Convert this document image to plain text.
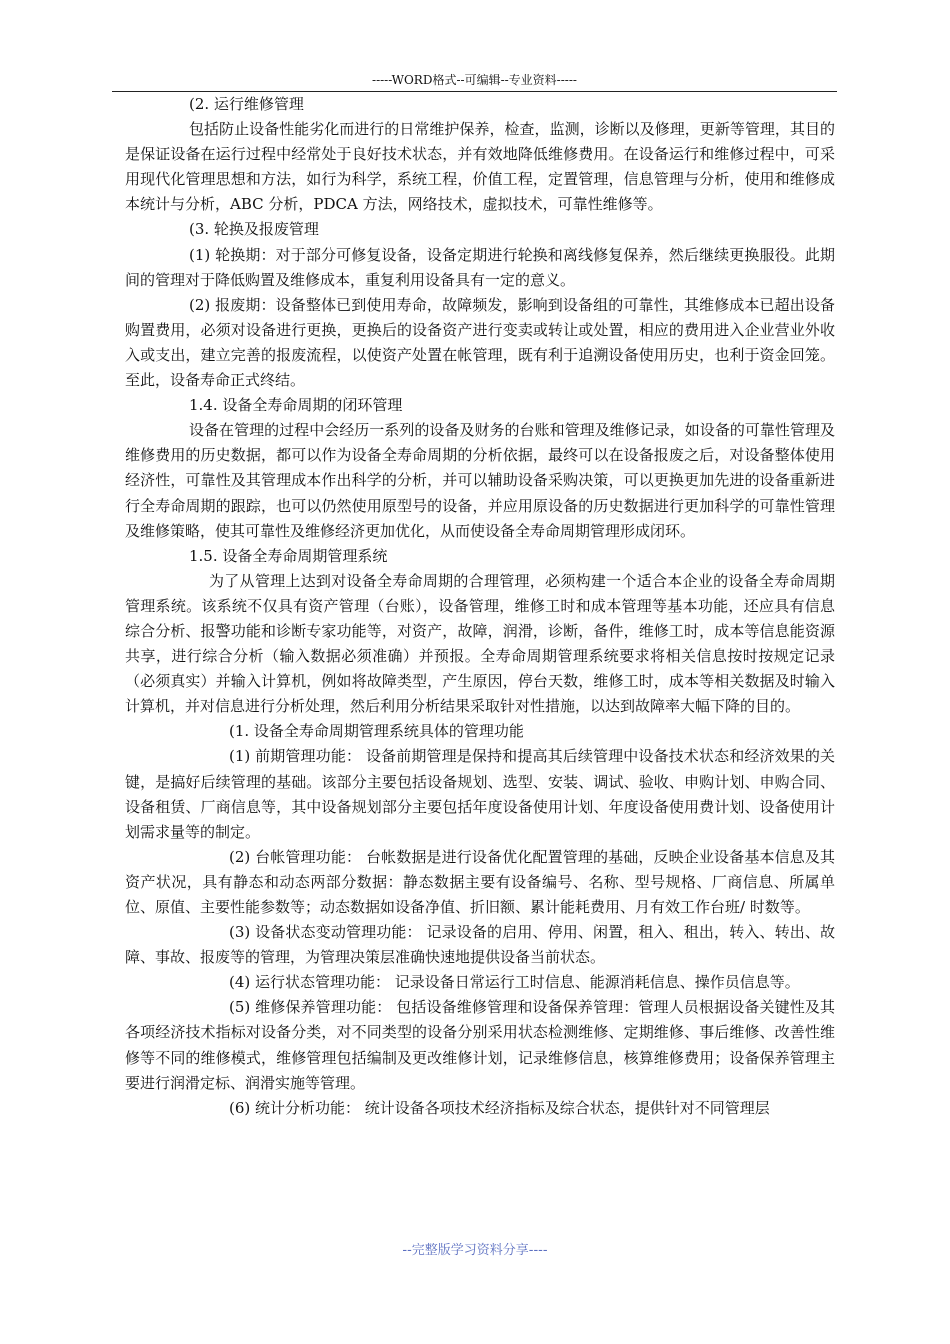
-----WORD格式--可编辑--专业资料-----

(2. 运行维修管理

包括防止设备性能劣化而进行的日常维护保养，检查，监测，诊断以及修理，更新等管理，其目的是保证设备在运行过程中经常处于良好技术状态，并有效地降低维修费用。在设备运行和维修过程中，可采用现代化管理思想和方法，如行为科学，系统工程，价值工程，定置管理，信息管理与分析，使用和维修成本统计与分析，ABC 分析，PDCA 方法，网络技术，虚拟技术，可靠性维修等。

(3. 轮换及报废管理

(1) 轮换期：对于部分可修复设备，设备定期进行轮换和离线修复保养，然后继续更换服役。此期间的管理对于降低购置及维修成本，重复利用设备具有一定的意义。

(2) 报废期：设备整体已到使用寿命，故障频发，影响到设备组的可靠性，其维修成本已超出设备购置费用，必须对设备进行更换，更换后的设备资产进行变卖或转让或处置，相应的费用进入企业营业外收入或支出，建立完善的报废流程，以使资产处置在帐管理，既有利于追溯设备使用历史，也利于资金回笼。至此，设备寿命正式终结。

1.4. 设备全寿命周期的闭环管理

设备在管理的过程中会经历一系列的设备及财务的台账和管理及维修记录，如设备的可靠性管理及维修费用的历史数据，都可以作为设备全寿命周期的分析依据，最终可以在设备报废之后，对设备整体使用经济性，可靠性及其管理成本作出科学的分析，并可以辅助设备采购决策，可以更换更加先进的设备重新进行全寿命周期的跟踪，也可以仍然使用原型号的设备，并应用原设备的历史数据进行更加科学的可靠性管理及维修策略，使其可靠性及维修经济更加优化，从而使设备全寿命周期管理形成闭环。

1.5. 设备全寿命周期管理系统

为了从管理上达到对设备全寿命周期的合理管理，必须构建一个适合本企业的设备全寿命周期管理系统。该系统不仅具有资产管理（台账），设备管理，维修工时和成本管理等基本功能，还应具有信息综合分析、报警功能和诊断专家功能等，对资产，故障，润滑，诊断，备件，维修工时，成本等信息能资源共享，进行综合分析（输入数据必须准确）并预报。全寿命周期管理系统要求将相关信息按时按规定记录（必须真实）并输入计算机，例如将故障类型，产生原因，停台天数，维修工时，成本等相关数据及时输入计算机，并对信息进行分析处理，然后利用分析结果采取针对性措施，以达到故障率大幅下降的目的。

(1. 设备全寿命周期管理系统具体的管理功能

(1) 前期管理功能： 设备前期管理是保持和提高其后续管理中设备技术状态和经济效果的关键，是搞好后续管理的基础。该部分主要包括设备规划、选型、安装、调试、验收、申购计划、申购合同、设备租赁、厂商信息等，其中设备规划部分主要包括年度设备使用计划、年度设备使用费计划、设备使用计划需求量等的制定。

(2) 台帐管理功能： 台帐数据是进行设备优化配置管理的基础，反映企业设备基本信息及其资产状况，具有静态和动态两部分数据：静态数据主要有设备编号、名称、型号规格、厂商信息、所属单位、原值、主要性能参数等；动态数据如设备净值、折旧额、累计能耗费用、月有效工作台班/ 时数等。

(3) 设备状态变动管理功能： 记录设备的启用、停用、闲置，租入、租出，转入、转出、故障、事故、报废等的管理，为管理决策层准确快速地提供设备当前状态。

(4) 运行状态管理功能： 记录设备日常运行工时信息、能源消耗信息、操作员信息等。

(5) 维修保养管理功能： 包括设备维修管理和设备保养管理：管理人员根据设备关键性及其各项经济技术指标对设备分类，对不同类型的设备分别采用状态检测维修、定期维修、事后维修、改善性维修等不同的维修模式，维修管理包括编制及更改维修计划，记录维修信息，核算维修费用；设备保养管理主要进行润滑定标、润滑实施等管理。

(6) 统计分析功能： 统计设备各项技术经济指标及综合状态，提供针对不同管理层

--完整版学习资料分享----
